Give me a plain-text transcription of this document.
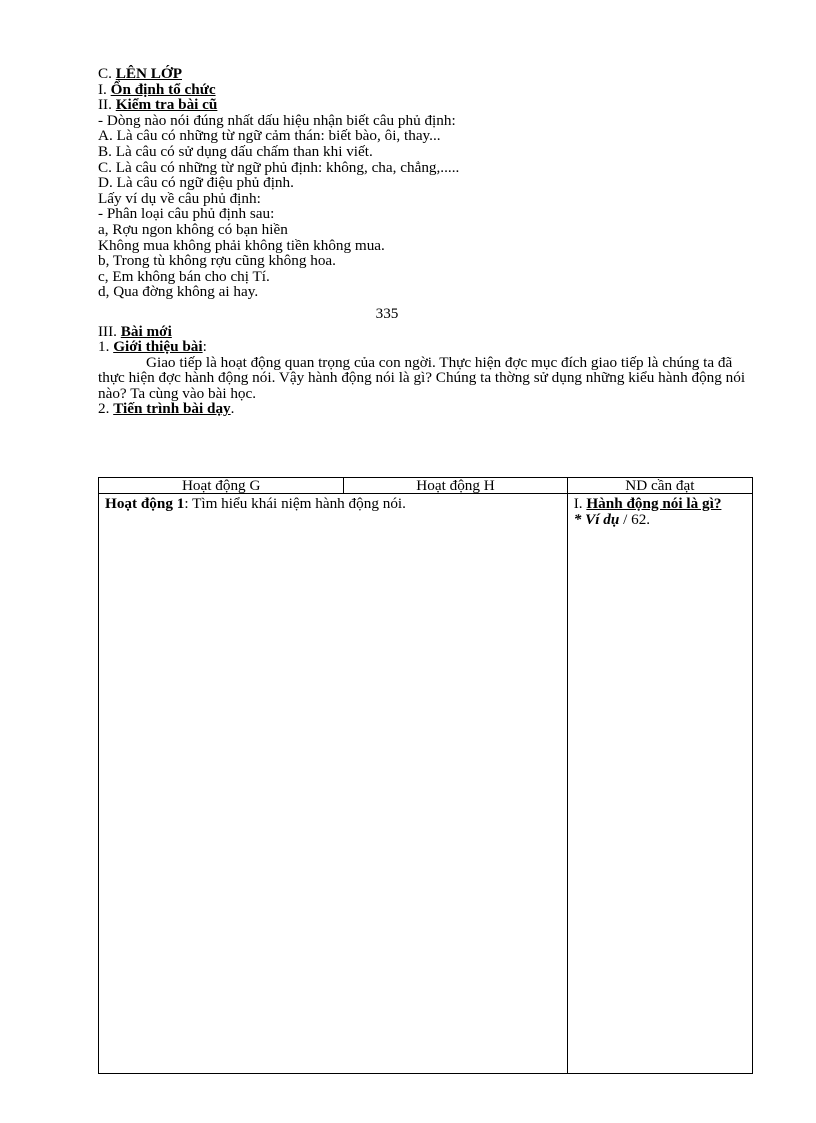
C. LÊN LỚP
I. Ổn định tổ chức
II. Kiểm tra bài cũ
- Dòng nào nói đúng nhất dấu hiệu nhận biết câu phủ định:
A. Là câu có những từ ngữ cảm thán: biết bào, ôi, thay...
B. Là câu có sử dụng dấu chấm than khi viết.
C. Là câu có những từ ngữ phủ định: không, cha, chẳng,.....
D. Là câu có ngữ điệu phủ định.
Lấy ví dụ về câu phủ định:
- Phân loại câu phủ định sau:
a, Rợu ngon không có bạn hiền
Không mua không phải không tiền không mua.
b, Trong tù không rợu cũng không hoa.
c, Em không bán cho chị Tí.
d, Qua đờng không ai hay.
335
III. Bài mới
1. Giới thiệu bài:
Giao tiếp là hoạt động quan trọng của con ngời. Thực hiện đợc mục đích giao tiếp là chúng ta đã thực hiện đợc hành động nói. Vậy hành động nói là gì? Chúng ta thờng sử dụng những kiểu hành động nói nào? Ta cùng vào bài học.
2. Tiến trình bài dạy.
Hoạt động G	Hoạt động H	ND cần đạt
Hoạt động 1: Tìm hiểu khái niệm hành động nói.		I. Hành động nói là gì?
* Ví dụ / 62.
